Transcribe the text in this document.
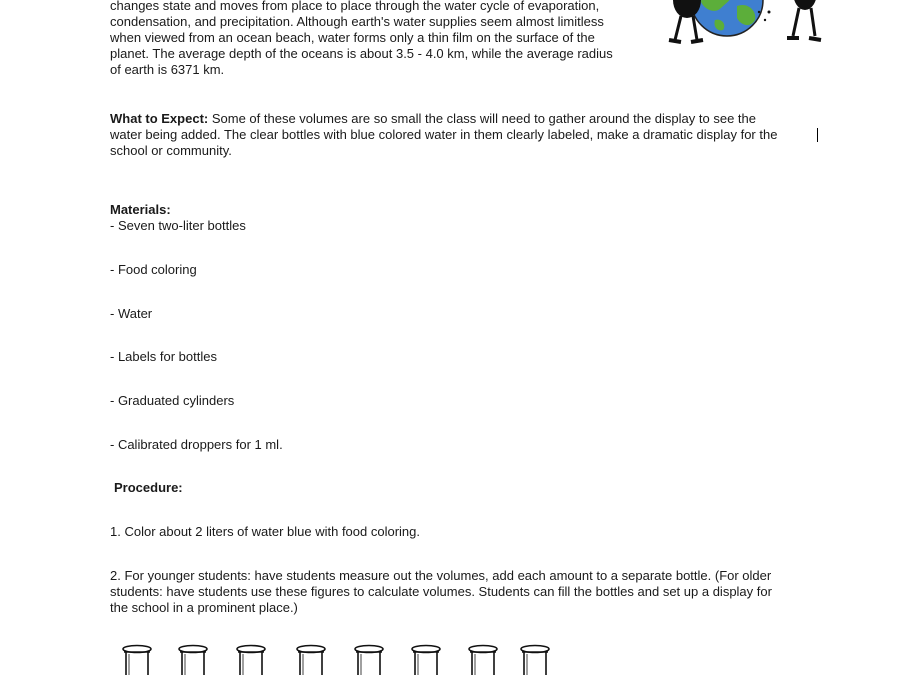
changes state and moves from place to place through the water cycle of evaporation,
condensation, and precipitation. Although earth's water supplies seem almost limitless
when viewed from an ocean beach, water forms only a thin film on the surface of the
planet. The average depth of the oceans is about 3.5 - 4.0 km, while the average radius
of earth is 6371 km.
What to Expect: Some of these volumes are so small the class will need to gather around the display to see the
water being added. The clear bottles with blue colored water in them clearly labeled, make a dramatic display for the
school or community.
Materials:
- Seven two-liter bottles
- Food coloring
- Water
- Labels for bottles
- Graduated cylinders
- Calibrated droppers for 1 ml.
Procedure:
1. Color about 2 liters of water blue with food coloring.
2. For younger students: have students measure out the volumes, add each amount to a separate bottle. (For older
students: have students use these figures to calculate volumes. Students can fill the bottles and set up a display for
the school in a prominent place.)
